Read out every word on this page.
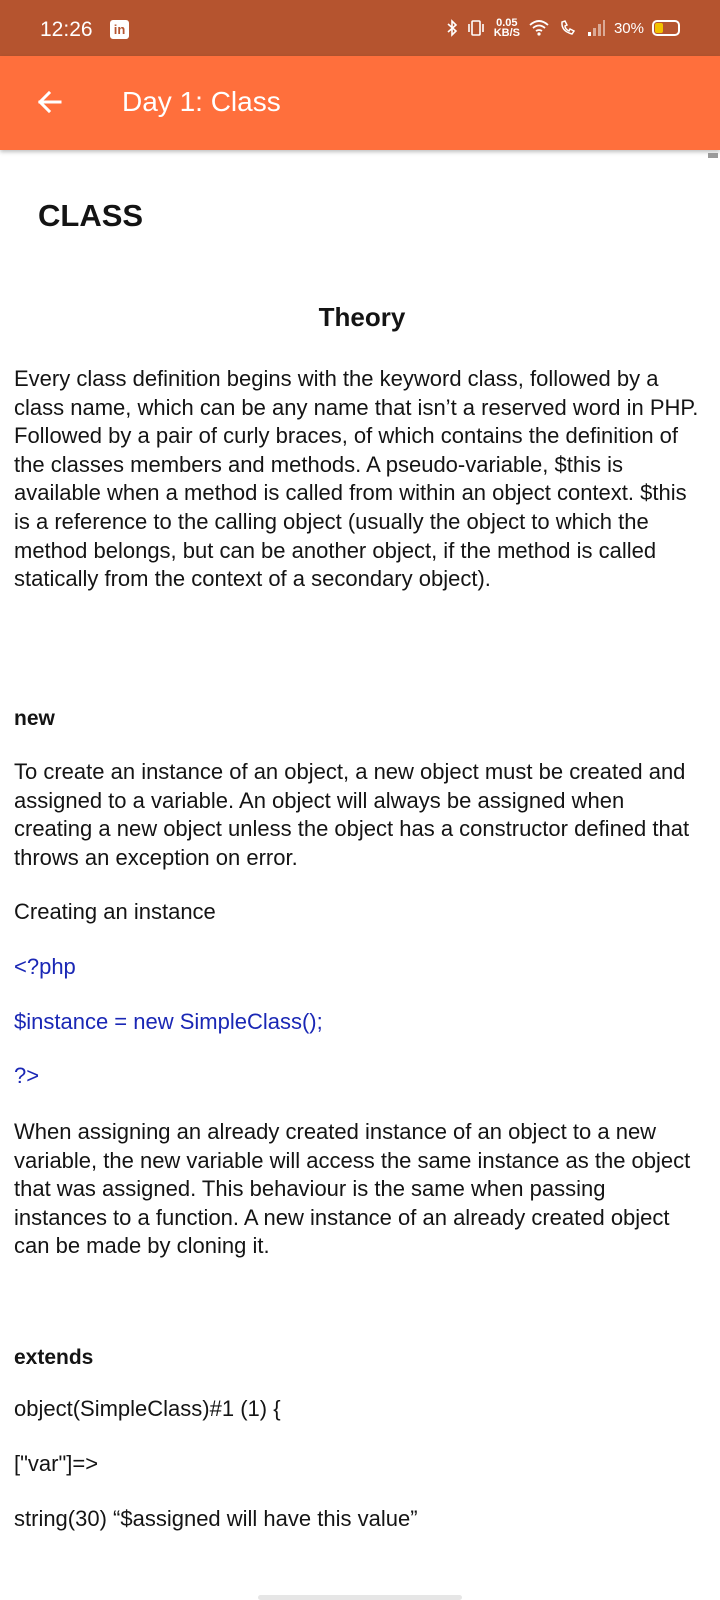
12:26 in	0.05
KB/S	30%
Day 1: Class
CLASS
Theory

Every class definition begins with the keyword class, followed by a class name, which can be any name that isn’t a reserved word in PHP. Followed by a pair of curly braces, of which contains the definition of the classes members and methods. A pseudo-variable, $this is available when a method is called from within an object context. $this is a reference to the calling object (usually the object to which the method belongs, but can be another object, if the method is called statically from the context of a secondary object).

new

To create an instance of an object, a new object must be created and assigned to a variable. An object will always be assigned when creating a new object unless the object has a constructor defined that throws an exception on error.

Creating an instance

<?php

$instance = new SimpleClass();

?>

When assigning an already created instance of an object to a new variable, the new variable will access the same instance as the object that was assigned. This behaviour is the same when passing instances to a function. A new instance of an already created object can be made by cloning it.

extends

object(SimpleClass)#1 (1) {

["var"]=>

string(30) “$assigned will have this value”
